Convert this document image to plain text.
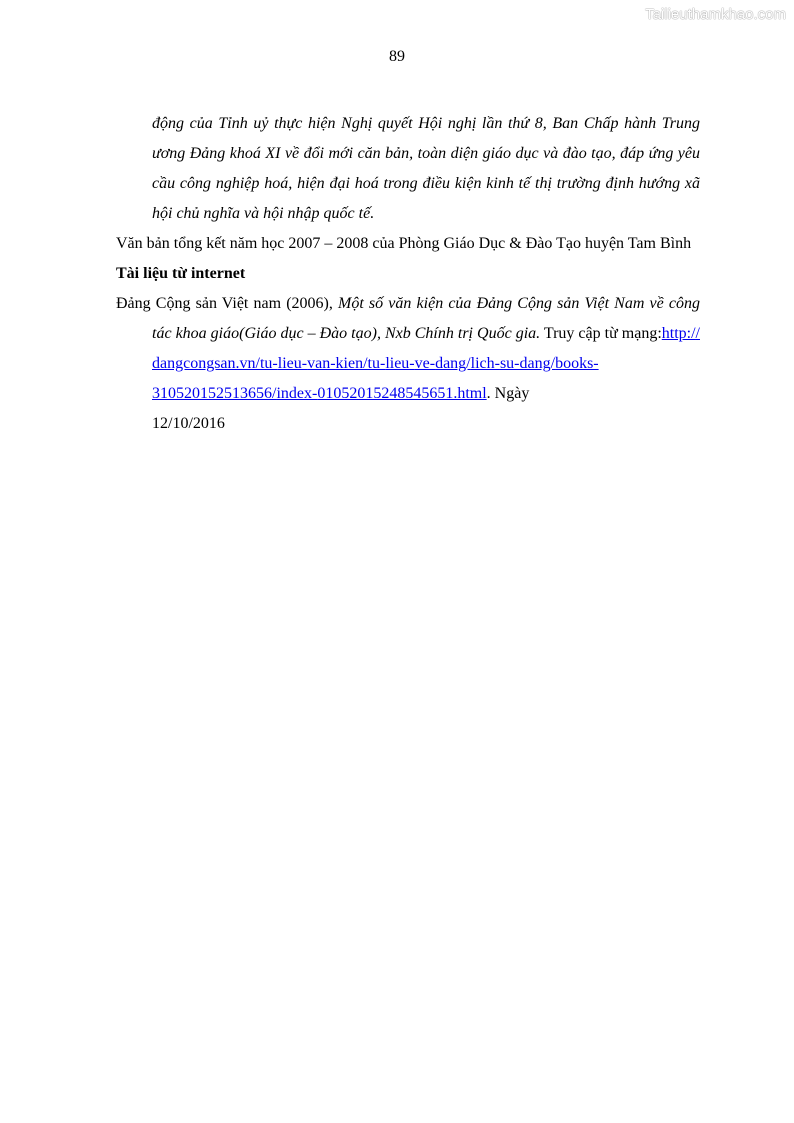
Tailieuthamkhao.com
89

động của Tỉnh uỷ thực hiện Nghị quyết Hội nghị lần thứ 8, Ban Chấp hành Trung ương Đảng khoá XI về đổi mới căn bản, toàn diện giáo dục và đào tạo, đáp ứng yêu cầu công nghiệp hoá, hiện đại hoá trong điều kiện kinh tế thị trường định hướng xã hội chủ nghĩa và hội nhập quốc tế.

Văn bản tổng kết năm học 2007 – 2008 của Phòng Giáo Dục & Đào Tạo huyện Tam Bình

Tài liệu từ internet

Đảng Cộng sản Việt nam (2006), Một số văn kiện của Đảng Cộng sản Việt Nam về công tác khoa giáo(Giáo dục – Đào tạo), Nxb Chính trị Quốc gia. Truy cập từ mạng:http://dangcongsan.vn/tu-lieu-van-kien/tu-lieu-ve-dang/lich-su-dang/books-310520152513656/index-01052015248545651.html. Ngày
12/10/2016
